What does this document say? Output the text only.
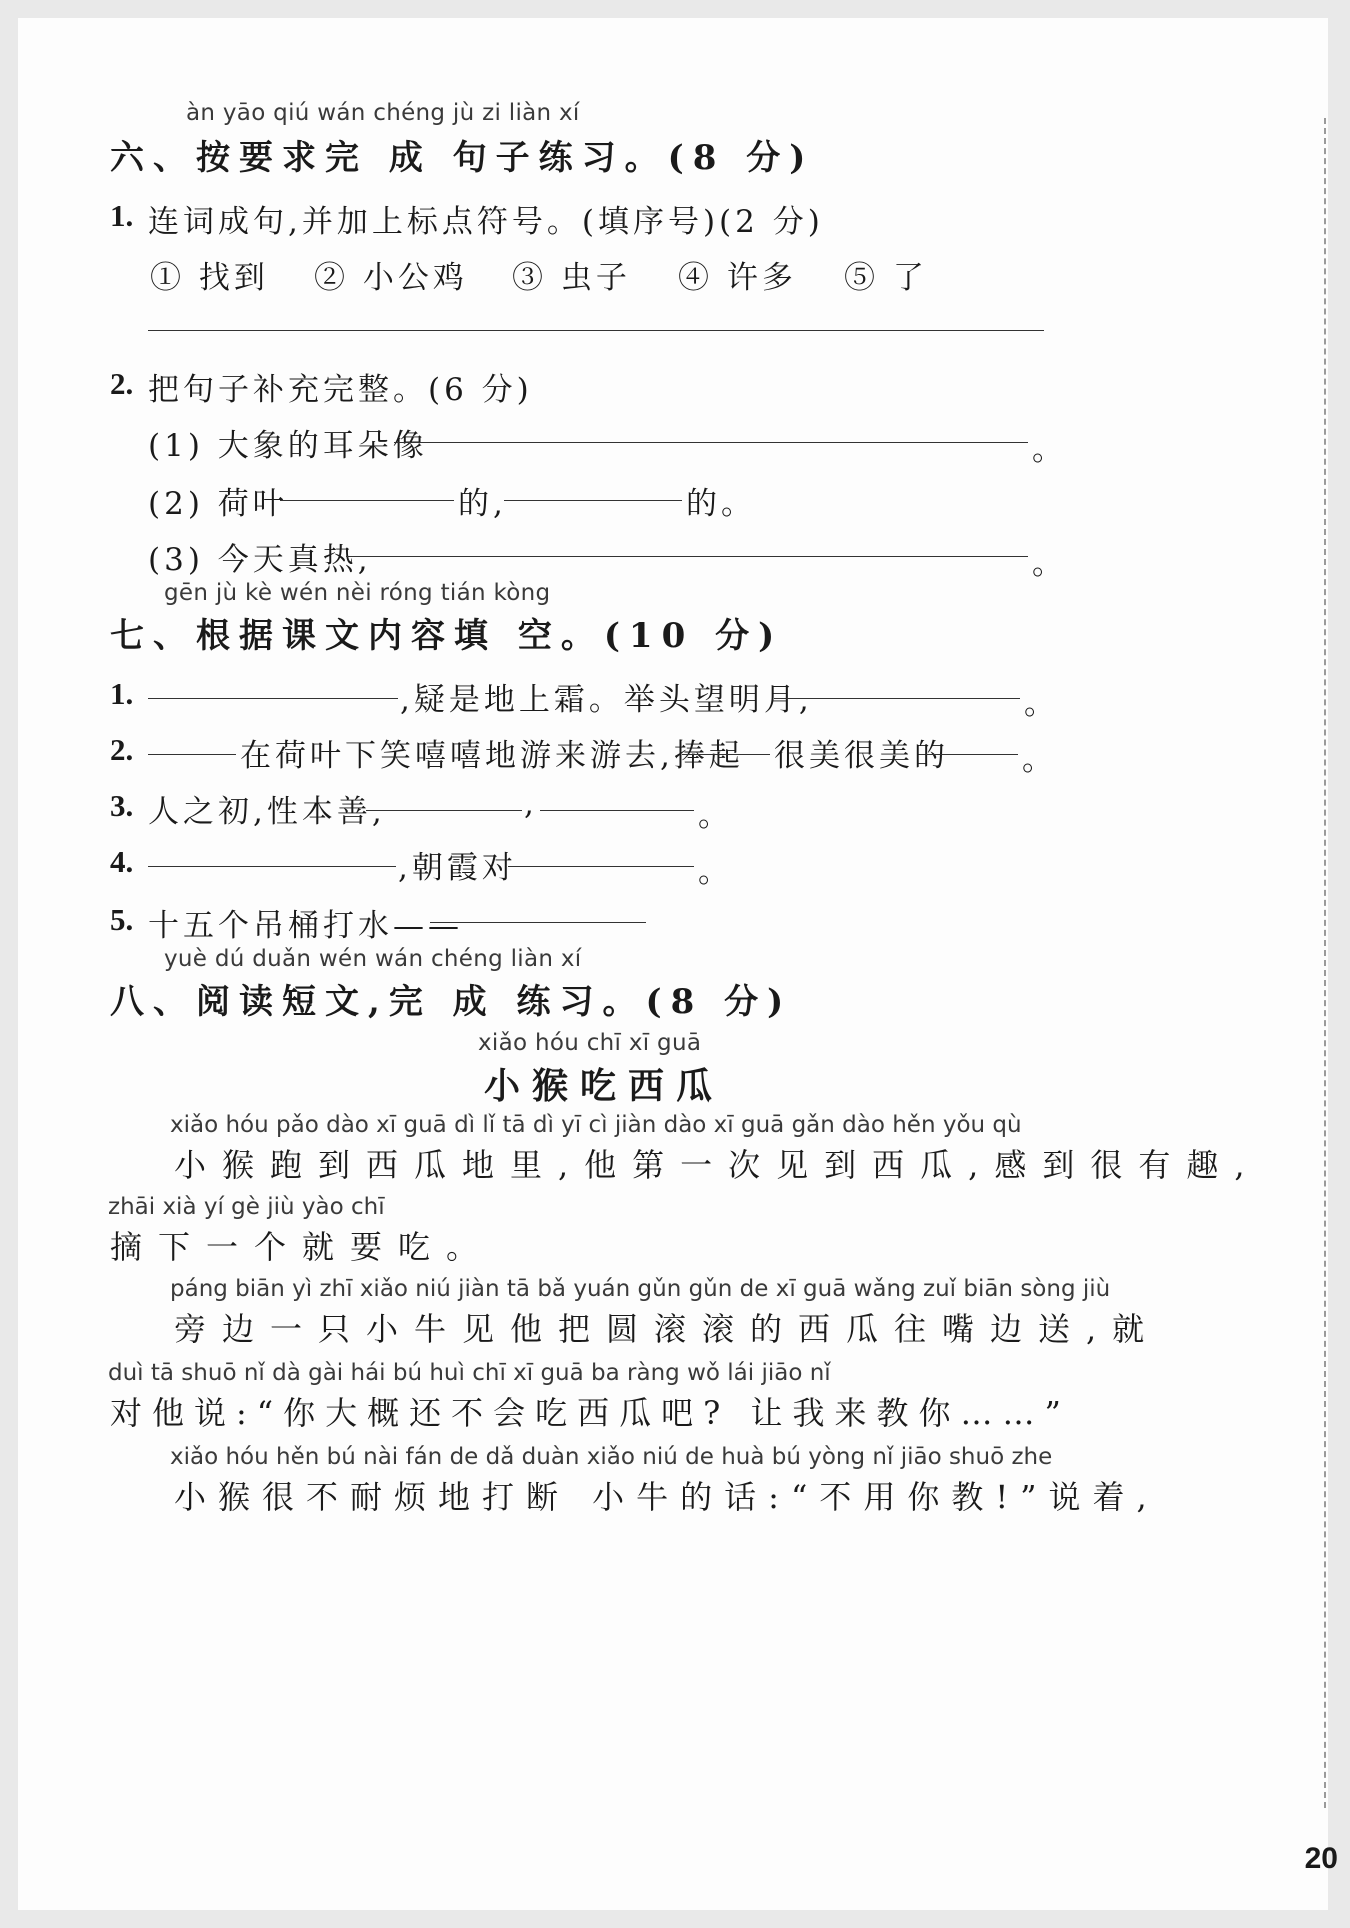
àn yāo qiú wán chéng jù zi liàn xí
六、按要求完 成 句子练习。(8 分)
1. 连词成句,并加上标点符号。(填序号)(2 分)
① 找到 ② 小公鸡 ③ 虫子 ④ 许多 ⑤ 了
2. 把句子补充完整。(6 分)
(1) 大象的耳朵像	。
(2) 荷叶	的,	的。
(3) 今天真热,	。
gēn jù kè wén nèi róng tián kòng
七、根据课文内容填 空。(10 分)
1.	,疑是地上霜。举头望明月,	。
2.	在荷叶下笑嘻嘻地游来游去,捧起 很美很美的 。
3. 人之初,性本善,	,	。
4.	,朝霞对	。
5. 十五个吊桶打水——
yuè dú duǎn wén wán chéng liàn xí
八、阅读短文,完 成 练习。(8 分)
xiǎo hóu chī xī guā
小猴吃西瓜
xiǎo hóu pǎo dào xī guā dì lǐ tā dì yī cì jiàn dào xī guā gǎn dào hěn yǒu qù
小猴跑到西瓜地里,他第一次见到西瓜,感到很有趣,
zhāi xià yí gè jiù yào chī
摘下一个就要吃。
páng biān yì zhī xiǎo niú jiàn tā bǎ yuán gǔn gǔn de xī guā wǎng zuǐ biān sòng jiù
旁边一只小牛见他把圆滚滚的西瓜往嘴边送,就
duì tā shuō nǐ dà gài hái bú huì chī xī guā ba ràng wǒ lái jiāo nǐ
对他说:“你大概还不会吃西瓜吧? 让我来教你……”
xiǎo hóu hěn bú nài fán de dǎ duàn xiǎo niú de huà bú yòng nǐ jiāo shuō zhe
小猴很不耐烦地打断 小牛的话:“不用你教!”说着,
20
